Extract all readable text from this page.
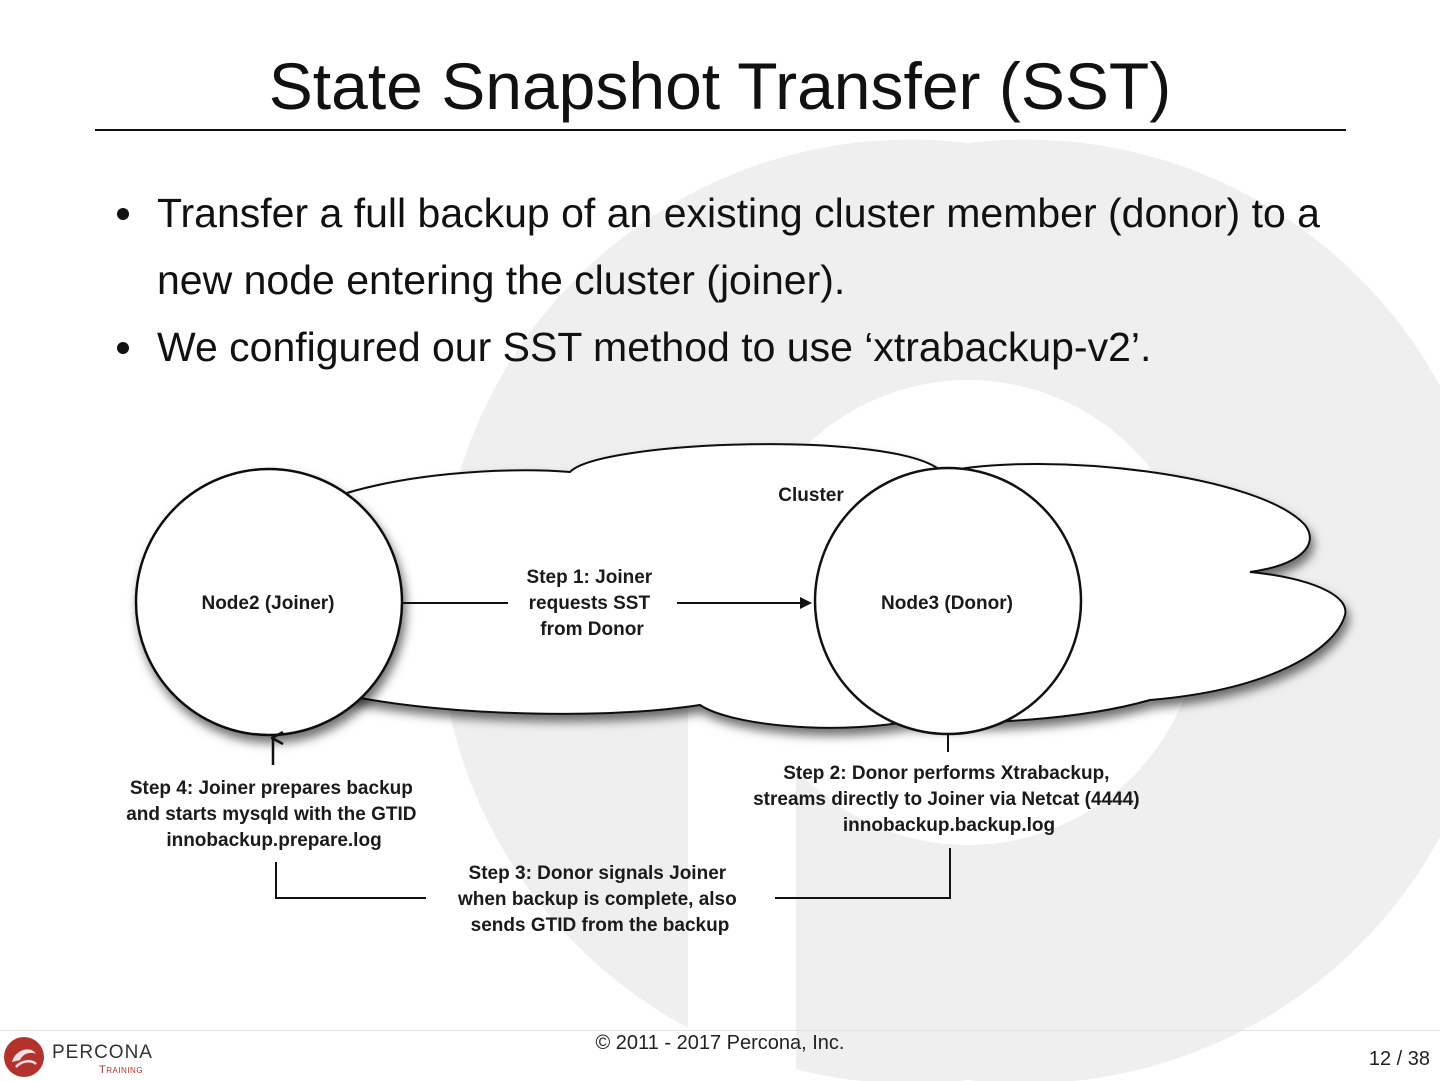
State Snapshot Transfer (SST)
Transfer a full backup of an existing cluster member (donor) to a new node entering the cluster (joiner).
We configured our SST method to use ‘xtrabackup-v2’.
Cluster
Node2 (Joiner)	Node3 (Donor)
Step 1: Joiner requests SST from Donor
Step 2: Donor performs Xtrabackup, streams directly to Joiner via Netcat (4444) innobackup.backup.log
Step 3: Donor signals Joiner when backup is complete, also sends GTID from the backup
Step 4: Joiner prepares backup and starts mysqld with the GTID innobackup.prepare.log
PERCONA
Training
© 2011 - 2017 Percona, Inc.
12 / 38
